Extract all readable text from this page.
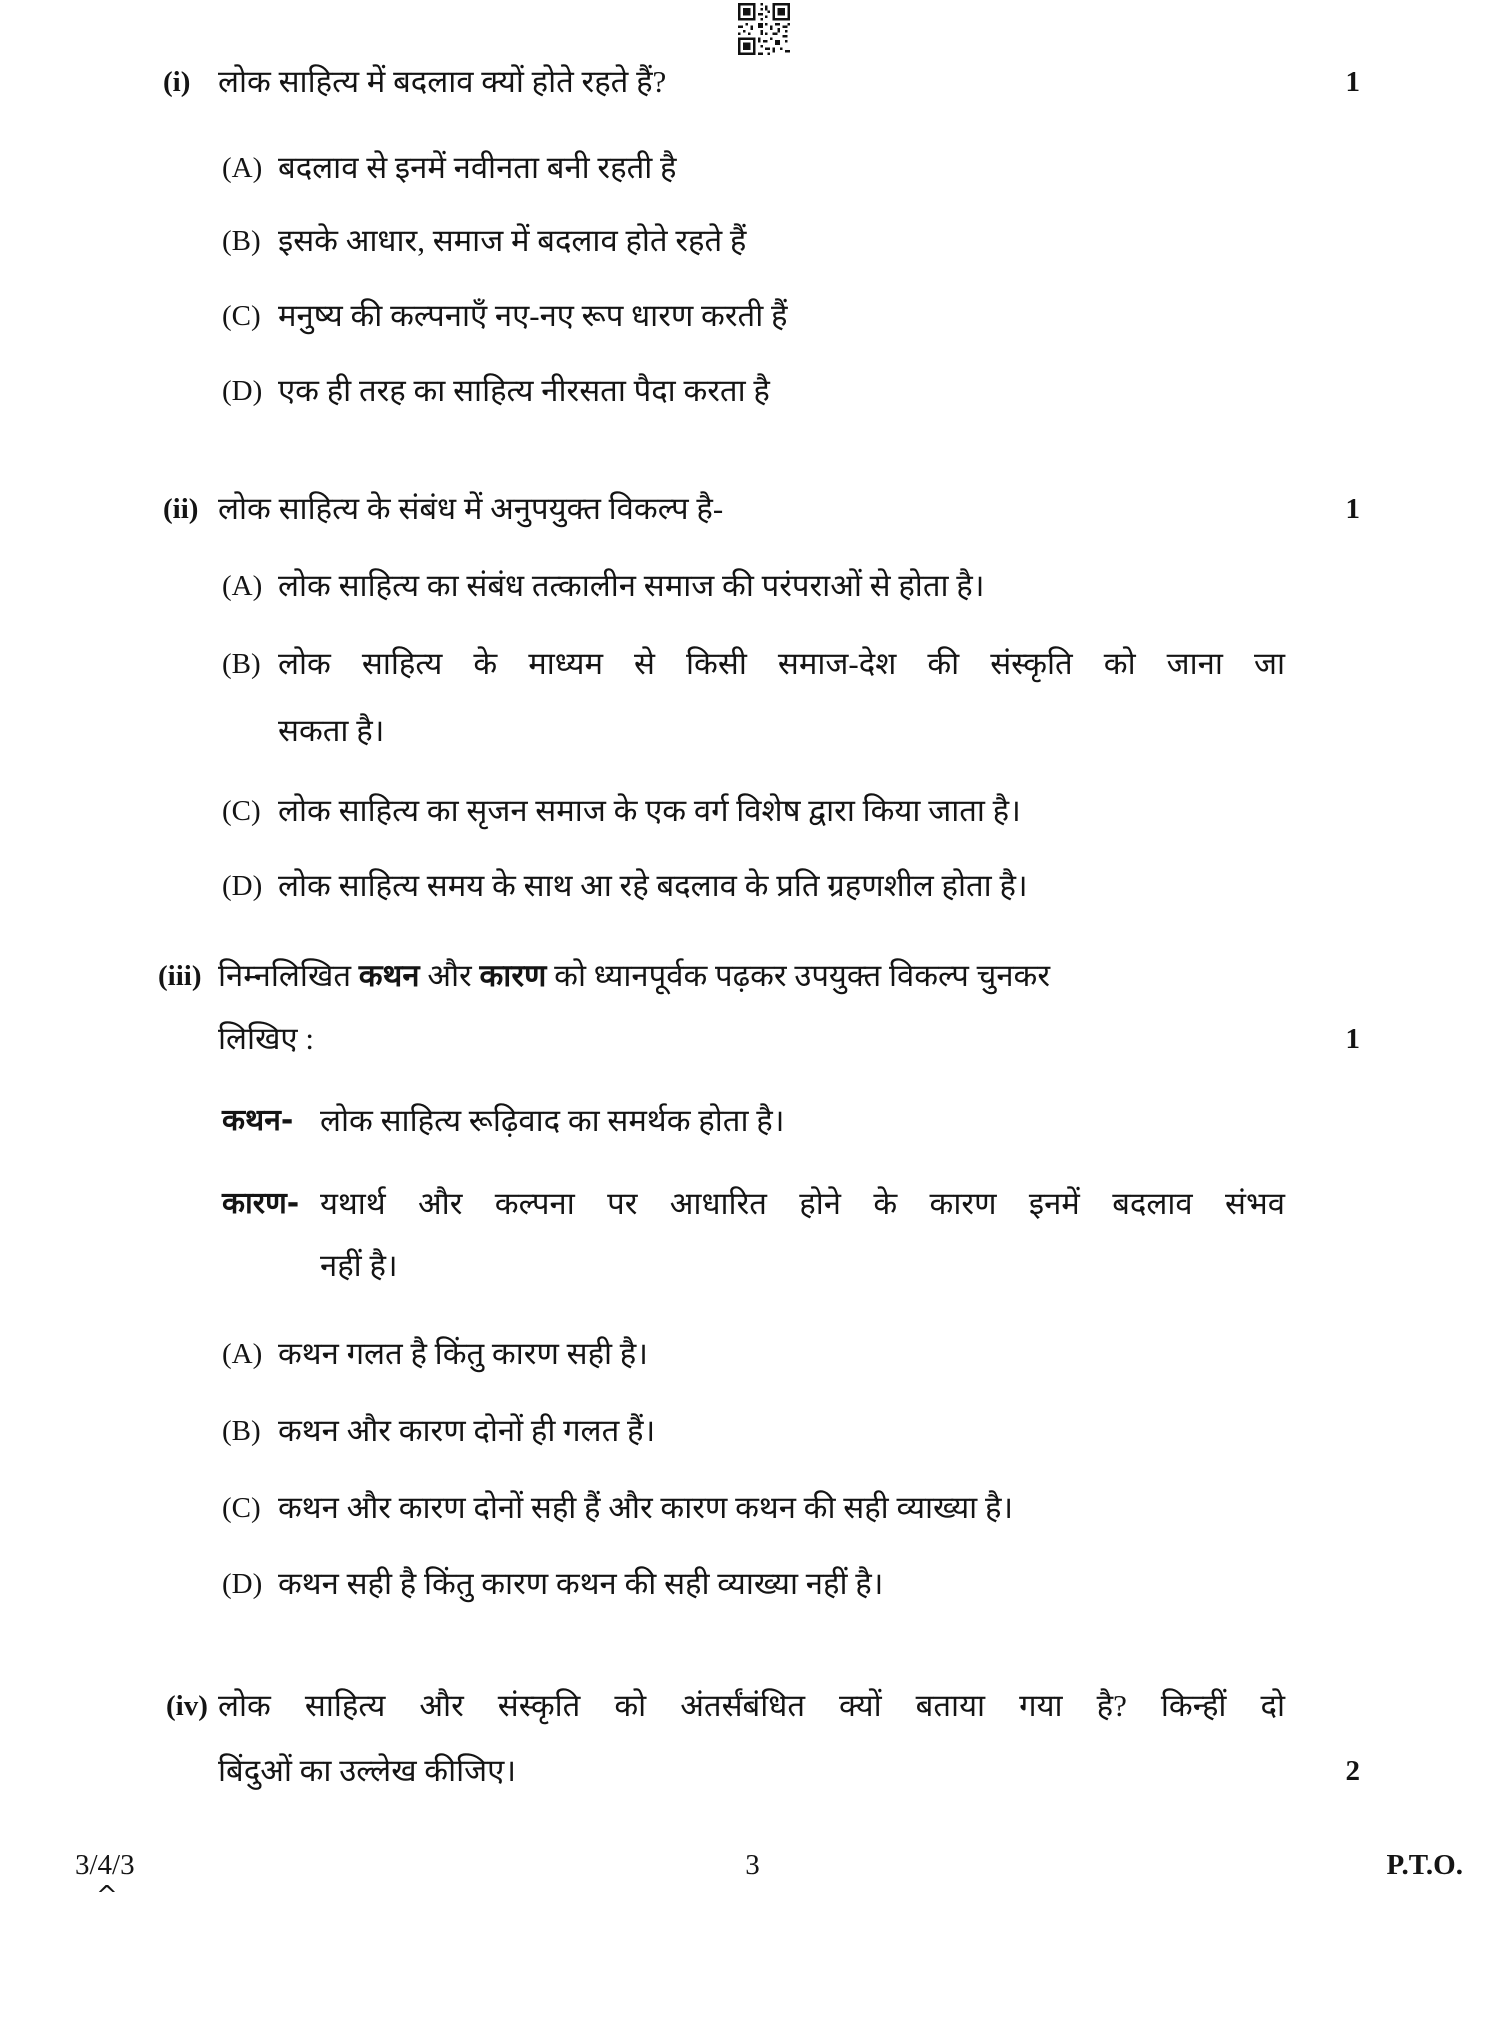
(i) लोक साहित्य में बदलाव क्यों होते रहते हैं?	1
(A) बदलाव से इनमें नवीनता बनी रहती है
(B) इसके आधार, समाज में बदलाव होते रहते हैं
(C) मनुष्य की कल्पनाएँ नए-नए रूप धारण करती हैं
(D) एक ही तरह का साहित्य नीरसता पैदा करता है
(ii) लोक साहित्य के संबंध में अनुपयुक्त विकल्प है-	1
(A) लोक साहित्य का संबंध तत्कालीन समाज की परंपराओं से होता है।
(B) लोक साहित्य के माध्यम से किसी समाज-देश की संस्कृति को जाना जा
सकता है।
(C) लोक साहित्य का सृजन समाज के एक वर्ग विशेष द्वारा किया जाता है।
(D) लोक साहित्य समय के साथ आ रहे बदलाव के प्रति ग्रहणशील होता है।
(iii) निम्नलिखित कथन और कारण को ध्यानपूर्वक पढ़कर उपयुक्त विकल्प चुनकर
लिखिए :	1
कथन- लोक साहित्य रूढ़िवाद का समर्थक होता है।
कारण- यथार्थ और कल्पना पर आधारित होने के कारण इनमें बदलाव संभव
नहीं है।
(A) कथन गलत है किंतु कारण सही है।
(B) कथन और कारण दोनों ही गलत हैं।
(C) कथन और कारण दोनों सही हैं और कारण कथन की सही व्याख्या है।
(D) कथन सही है किंतु कारण कथन की सही व्याख्या नहीं है।
(iv) लोक साहित्य और संस्कृति को अंतर्संबंधित क्यों बताया गया है? किन्हीं दो
बिंदुओं का उल्लेख कीजिए।	2
3/4/3
^
3	P.T.O.
